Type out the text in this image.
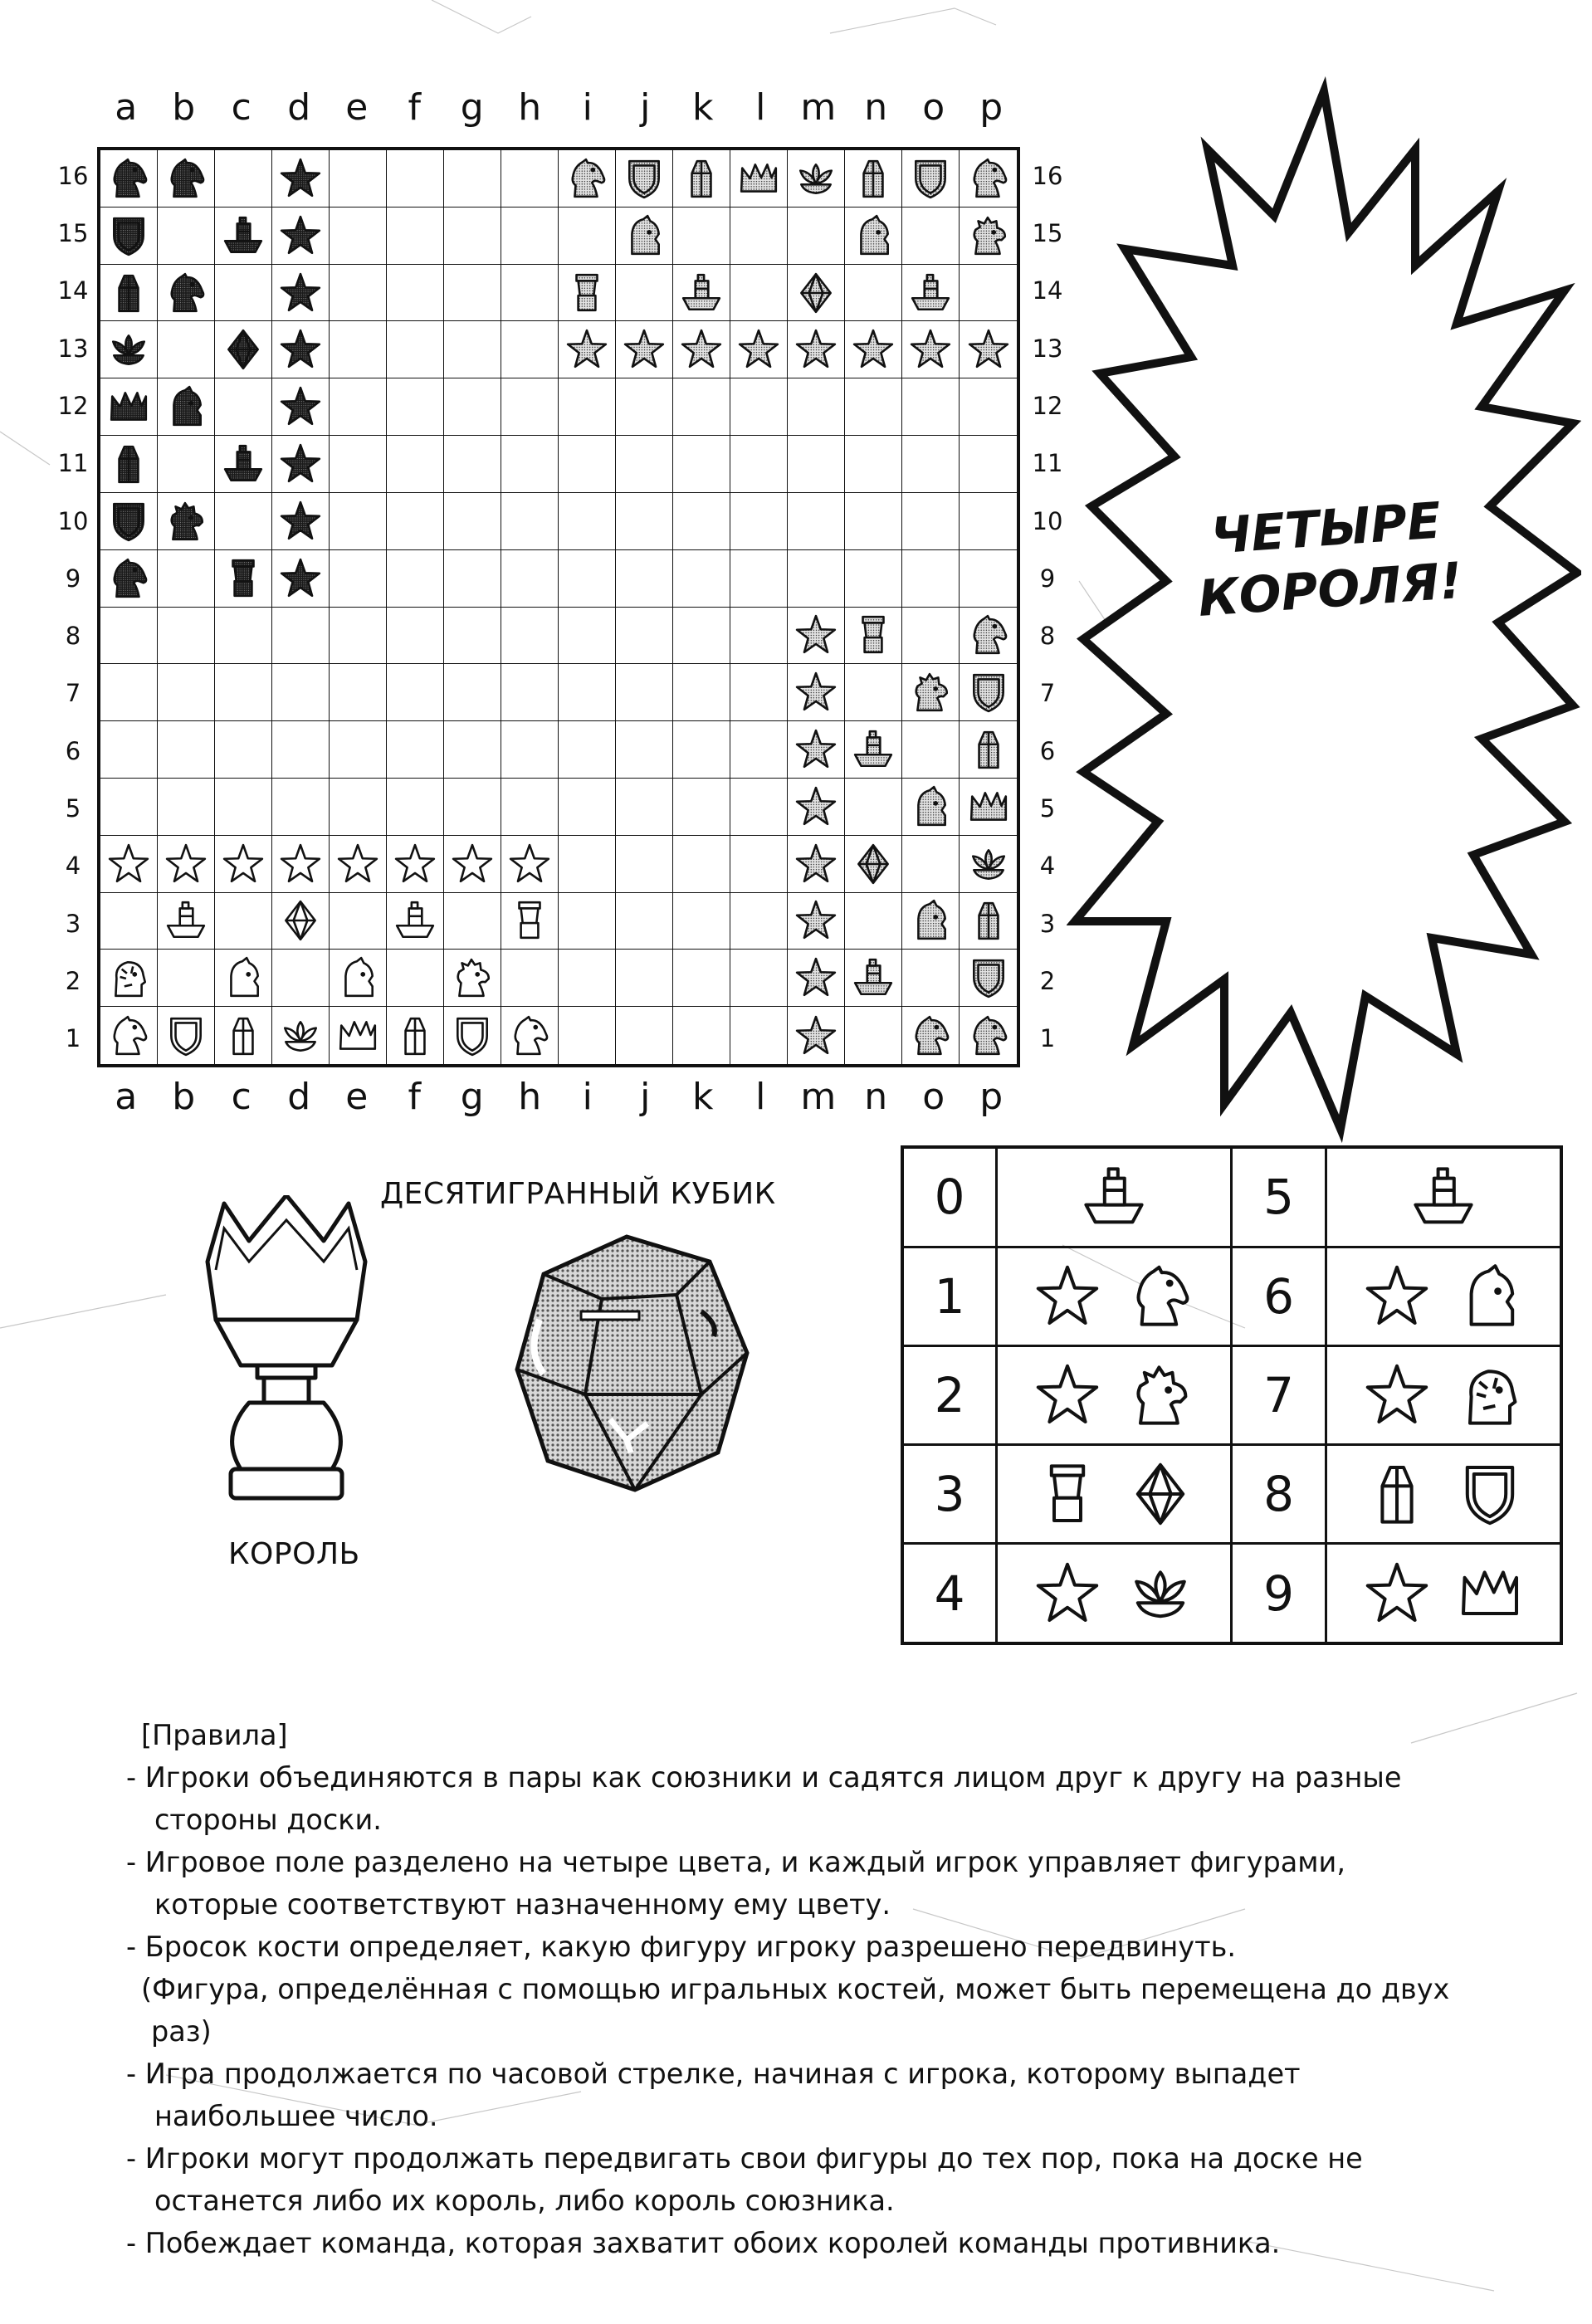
a b c d e	f	g h	i	j	k	l m n o p
a b c d e	f	g h	i	j	k	l m n o p
16
15
14
13
12
11
10
9
8
7
6
5
4
3
2
1
16
15
14
13
12
11
10
9
8
7
6
5
4
3
2
1
ЧЕТЫРЕ
КОРОЛЯ!
КОРОЛЬ
ДЕСЯТИГРАННЫЙ КУБИК	0		5	
1		6	
2		7	
3		8	
4		9	
[Правила]
- Игроки объединяются в пары как союзники и садятся лицом друг к другу на разные стороны доски.
- Игровое поле разделено на четыре цвета, и каждый игрок управляет фигурами, которые соответствуют назначенному ему цвету.
- Бросок кости определяет, какую фигуру игроку разрешено передвинуть.
(Фигура, определённая с помощью игральных костей, может быть перемещена до двух раз)
- Игра продолжается по часовой стрелке, начиная с игрока, которому выпадет наибольшее число.
- Игроки могут продолжать передвигать свои фигуры до тех пор, пока на доске не останется либо их король, либо король союзника.
- Побеждает команда, которая захватит обоих королей команды противника.
